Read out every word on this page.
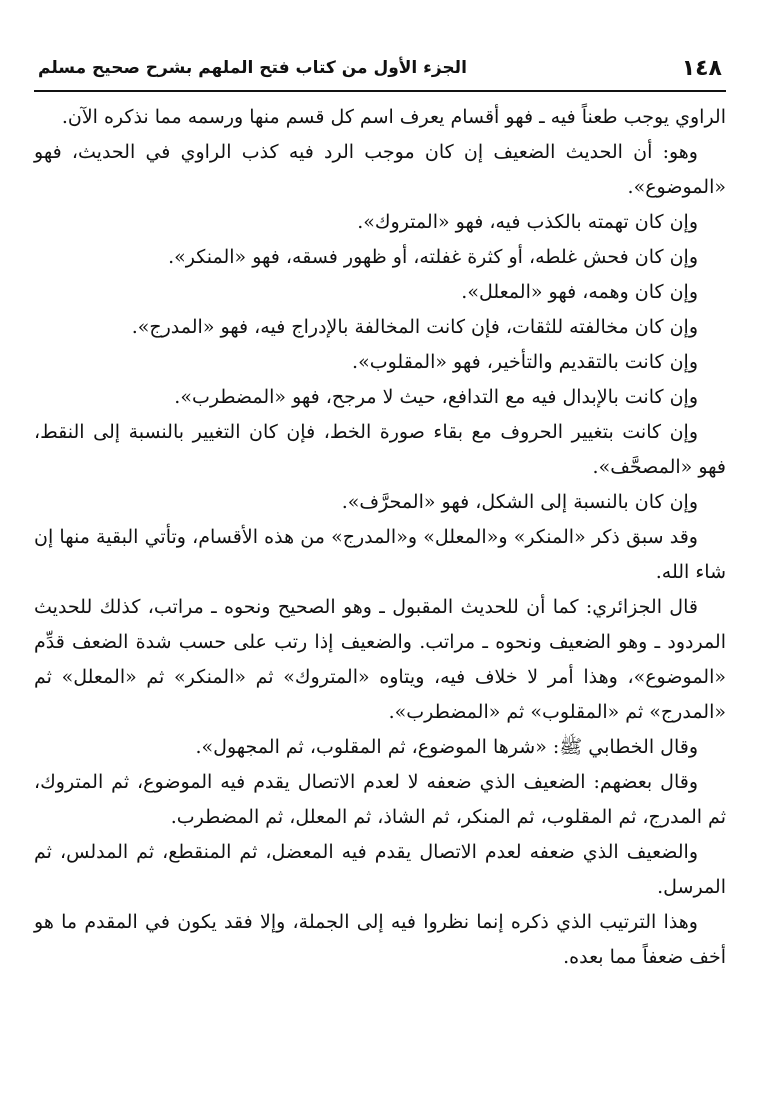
١٤٨
الجزء الأول من كتاب فتح الملهم بشرح صحيح مسلم

الراوي يوجب طعناً فيه ـ فهو أقسام يعرف اسم كل قسم منها ورسمه مما نذكره الآن.

وهو: أن الحديث الضعيف إن كان موجب الرد فيه كذب الراوي في الحديث، فهو «الموضوع».

وإن كان تهمته بالكذب فيه، فهو «المتروك».

وإن كان فحش غلطه، أو كثرة غفلته، أو ظهور فسقه، فهو «المنكر».

وإن كان وهمه، فهو «المعلل».

وإن كان مخالفته للثقات، فإن كانت المخالفة بالإدراج فيه، فهو «المدرج».

وإن كانت بالتقديم والتأخير، فهو «المقلوب».

وإن كانت بالإبدال فيه مع التدافع، حيث لا مرجح، فهو «المضطرب».

وإن كانت بتغيير الحروف مع بقاء صورة الخط، فإن كان التغيير بالنسبة إلى النقط، فهو «المصحَّف».

وإن كان بالنسبة إلى الشكل، فهو «المحرَّف».

وقد سبق ذكر «المنكر» و«المعلل» و«المدرج» من هذه الأقسام، وتأتي البقية منها إن شاء الله.

قال الجزائري: كما أن للحديث المقبول ـ وهو الصحيح ونحوه ـ مراتب، كذلك للحديث المردود ـ وهو الضعيف ونحوه ـ مراتب. والضعيف إذا رتب على حسب شدة الضعف قدِّم «الموضوع»، وهذا أمر لا خلاف فيه، ويتاوه «المتروك» ثم «المنكر» ثم «المعلل» ثم «المدرج» ثم «المقلوب» ثم «المضطرب».

وقال الخطابي ﷺ: «شرها الموضوع، ثم المقلوب، ثم المجهول».

وقال بعضهم: الضعيف الذي ضعفه لا لعدم الاتصال يقدم فيه الموضوع، ثم المتروك، ثم المدرج، ثم المقلوب، ثم المنكر، ثم الشاذ، ثم المعلل، ثم المضطرب.

والضعيف الذي ضعفه لعدم الاتصال يقدم فيه المعضل، ثم المنقطع، ثم المدلس، ثم المرسل.

وهذا الترتيب الذي ذكره إنما نظروا فيه إلى الجملة، وإلا فقد يكون في المقدم ما هو أخف ضعفاً مما بعده.
